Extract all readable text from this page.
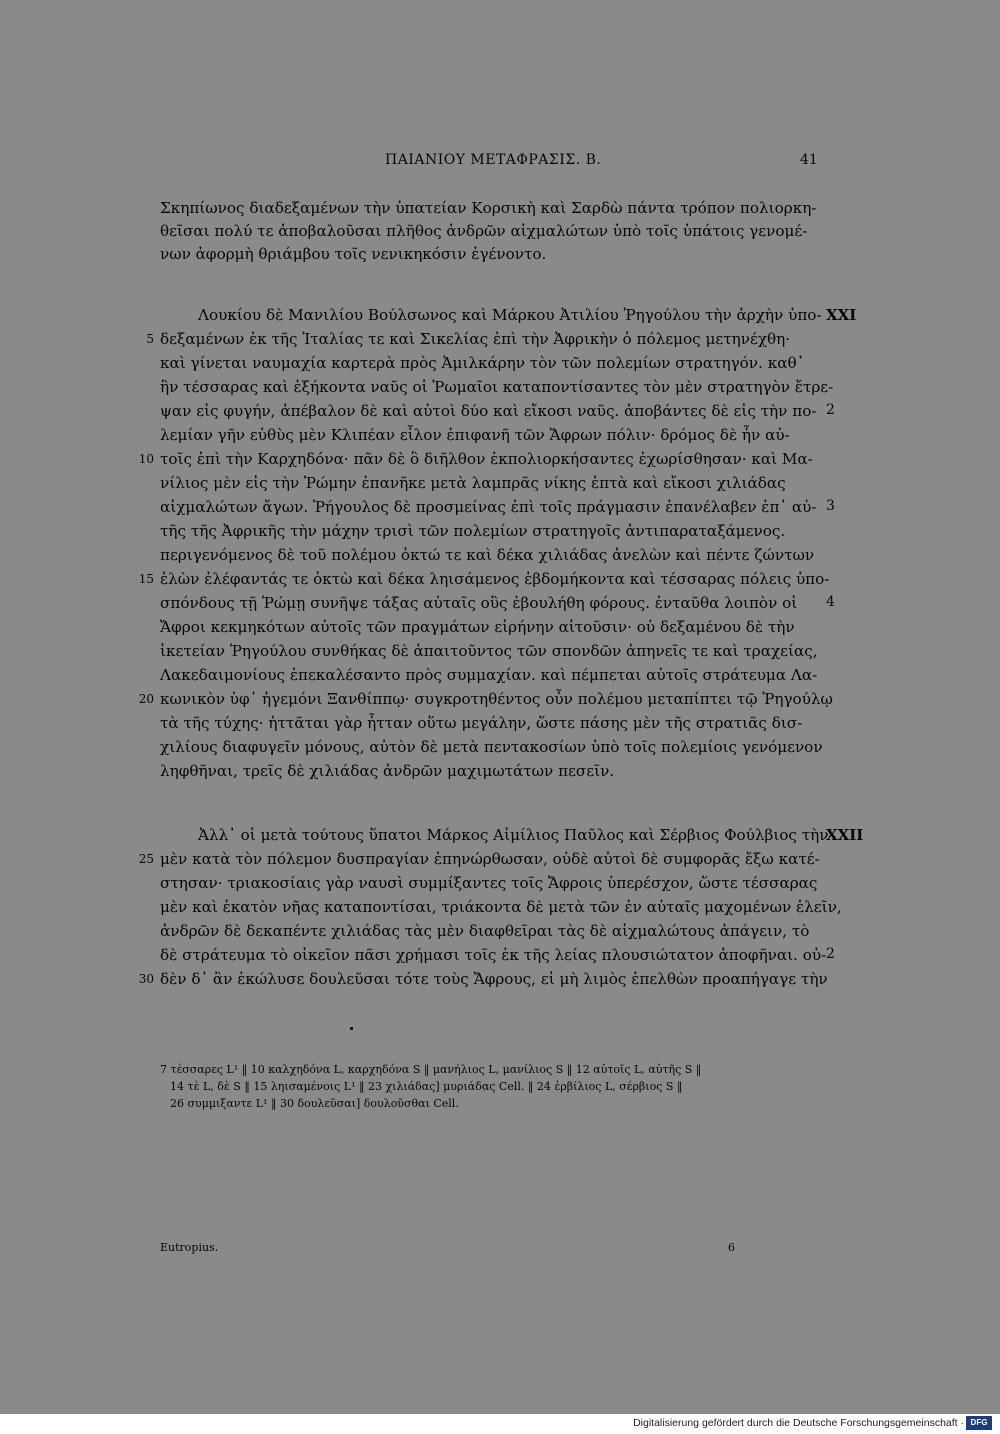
ΠΑΙΑΝΙΟΥ ΜΕΤΑΦΡΑΣΙΣ. Β.	41
Σκηπίωνος διαδεξαμένων τὴν ὑπατείαν Κορσικὴ καὶ Σαρδὼ πάντα τρόπον πολιορκη-
θεῖσαι πολύ τε ἀποβαλοῦσαι πλῆθος ἀνδρῶν αἰχμαλώτων ὑπὸ τοῖς ὑπάτοις γενομέ-
νων ἀφορμὴ θριάμβου τοῖς νενικηκόσιν ἐγένοντο.
Λουκίου δὲ Μανιλίου Βούλσωνος καὶ Μάρκου Ἀτιλίου Ῥηγούλου τὴν ἀρχὴν ὑπο-
δεξαμένων ἐκ τῆς Ἰταλίας τε καὶ Σικελίας ἐπὶ τὴν Ἀφρικὴν ὁ πόλεμος μετηνέχθη·
καὶ γίνεται ναυμαχία καρτερὰ πρὸς Ἀμιλκάρην τὸν τῶν πολεμίων στρατηγόν. καθ᾽
ἣν τέσσαρας καὶ ἑξήκοντα ναῦς οἱ Ῥωμαῖοι καταποντίσαντες τὸν μὲν στρατηγὸν ἔτρε-
ψαν εἰς φυγήν, ἀπέβαλον δὲ καὶ αὐτοὶ δύο καὶ εἴκοσι ναῦς. ἀποβάντες δὲ εἰς τὴν πο-
λεμίαν γῆν εὐθὺς μὲν Κλιπέαν εἷλον ἐπιφανῆ τῶν Ἄφρων πόλιν· δρόμος δὲ ἦν αὐ-
τοῖς ἐπὶ τὴν Καρχηδόνα· πᾶν δὲ ὃ διῆλθον ἐκπολιορκήσαντες ἐχωρίσθησαν· καὶ Μα-
νίλιος μὲν εἰς τὴν Ῥώμην ἐπανῆκε μετὰ λαμπρᾶς νίκης ἑπτὰ καὶ εἴκοσι χιλιάδας
αἰχμαλώτων ἄγων. Ῥήγουλος δὲ προσμείνας ἐπὶ τοῖς πράγμασιν ἐπανέλαβεν ἐπ᾽ αὐ-
τῆς τῆς Ἀφρικῆς τὴν μάχην τρισὶ τῶν πολεμίων στρατηγοῖς ἀντιπαραταξάμενος.
περιγενόμενος δὲ τοῦ πολέμου ὀκτώ τε καὶ δέκα χιλιάδας ἀνελὼν καὶ πέντε ζώντων
ἑλὼν ἐλέφαντάς τε ὀκτὼ καὶ δέκα ληισάμενος ἑβδομήκοντα καὶ τέσσαρας πόλεις ὑπο-
σπόνδους τῇ Ῥώμῃ συνῆψε τάξας αὐταῖς οὓς ἐβουλήθη φόρους. ἐνταῦθα λοιπὸν οἱ
Ἄφροι κεκμηκότων αὐτοῖς τῶν πραγμάτων εἰρήνην αἰτοῦσιν· οὐ δεξαμένου δὲ τὴν
ἱκετείαν Ῥηγούλου συνθήκας δὲ ἀπαιτοῦντος τῶν σπονδῶν ἀπηνεῖς τε καὶ τραχείας,
Λακεδαιμονίους ἐπεκαλέσαντο πρὸς συμμαχίαν. καὶ πέμπεται αὐτοῖς στράτευμα Λα-
κωνικὸν ὑφ᾽ ἡγεμόνι Ξανθίππῳ· συγκροτηθέντος οὖν πολέμου μεταπίπτει τῷ Ῥηγούλῳ
τὰ τῆς τύχης· ἡττᾶται γὰρ ἧτταν οὕτω μεγάλην, ὥστε πάσης μὲν τῆς στρατιᾶς δισ-
χιλίους διαφυγεῖν μόνους, αὐτὸν δὲ μετὰ πεντακοσίων ὑπὸ τοῖς πολεμίοις γενόμενον
ληφθῆναι, τρεῖς δὲ χιλιάδας ἀνδρῶν μαχιμωτάτων πεσεῖν.
Ἀλλ᾽ οἱ μετὰ τούτους ὕπατοι Μάρκος Αἰμίλιος Παῦλος καὶ Σέρβιος Φούλβιος τὴν
μὲν κατὰ τὸν πόλεμον δυσπραγίαν ἐπηνώρθωσαν, οὐδὲ αὐτοὶ δὲ συμφορᾶς ἔξω κατέ-
στησαν· τριακοσίαις γὰρ ναυσὶ συμμίξαντες τοῖς Ἄφροις ὑπερέσχον, ὥστε τέσσαρας
μὲν καὶ ἑκατὸν νῆας καταποντίσαι, τριάκοντα δὲ μετὰ τῶν ἐν αὐταῖς μαχομένων ἑλεῖν,
ἀνδρῶν δὲ δεκαπέντε χιλιάδας τὰς μὲν διαφθεῖραι τὰς δὲ αἰχμαλώτους ἀπάγειν, τὸ
δὲ στράτευμα τὸ οἰκεῖον πᾶσι χρήμασι τοῖς ἐκ τῆς λείας πλουσιώτατον ἀποφῆναι. οὐ-
δὲν δ᾽ ἂν ἐκώλυσε δουλεῦσαι τότε τοὺς Ἄφρους, εἰ μὴ λιμὸς ἐπελθὼν προαπήγαγε τὴν
5
10
15
20
25
30
XXI
2
3
4
XXII
2
7 τέσσαρες L¹ ‖ 10 καλχηδόνα L, καρχηδόνα S ‖ μανήλιος L, μανίλιος S ‖ 12 αὐτοῖς L, αὐτῆς S ‖
14 τὲ L, δὲ S ‖ 15 ληισαμένοις L¹ ‖ 23 χιλιάδας] μυριάδας Cell. ‖ 24 ἐρβίλιος L, σέρβιος S ‖
26 συμμιξαντε L¹ ‖ 30 δουλεῦσαι] δουλοῦσθαι Cell.
Eutropius.	6
Digitalisierung gefördert durch die Deutsche Forschungsgemeinschaft · DFG
